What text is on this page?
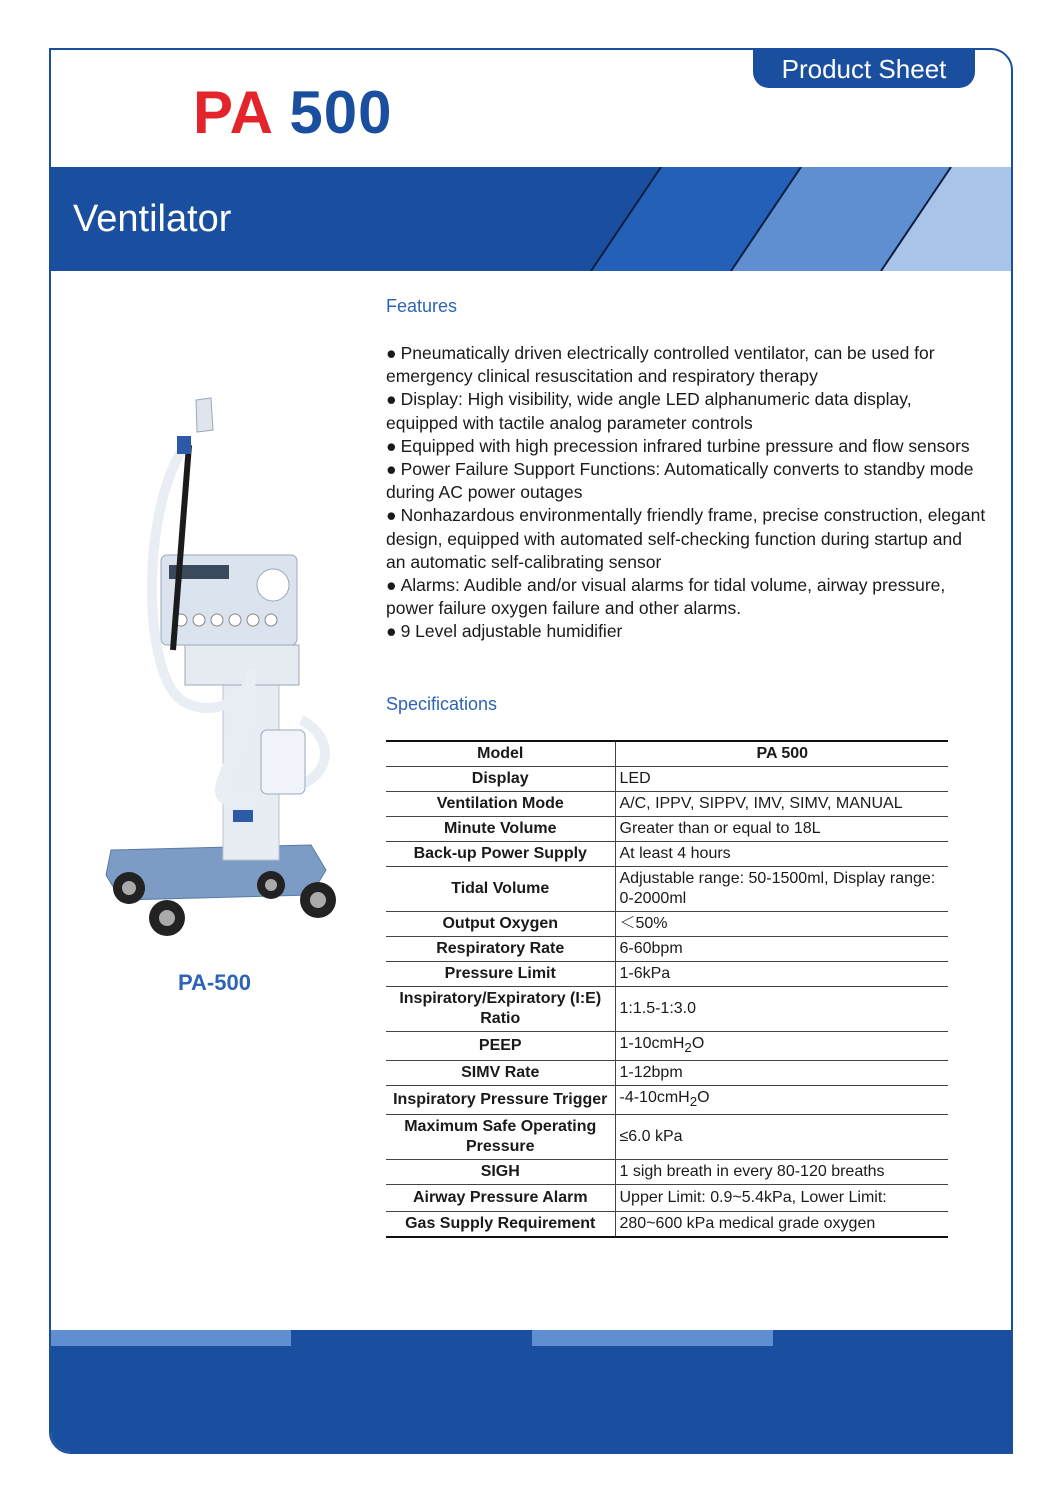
Product Sheet
PA 500
Ventilator
PA-500
Features
● Pneumatically driven electrically controlled ventilator, can be used for emergency clinical resuscitation and respiratory therapy
● Display: High visibility, wide angle LED alphanumeric data display, equipped with tactile analog parameter controls
● Equipped with high precession infrared turbine pressure and flow sensors
● Power Failure Support Functions: Automatically converts to standby mode during AC power outages
● Nonhazardous environmentally friendly frame, precise construction, elegant design, equipped with automated self-checking function during startup and an automatic self-calibrating sensor
● Alarms: Audible and/or visual alarms for tidal volume, airway pressure, power failure oxygen failure and other alarms.
● 9 Level adjustable humidifier
Specifications
Model	PA 500
Display	LED
Ventilation Mode	A/C, IPPV, SIPPV, IMV, SIMV, MANUAL
Minute Volume	Greater than or equal to 18L
Back-up Power Supply	At least 4 hours
Tidal Volume	Adjustable range: 50-1500ml, Display range: 0-2000ml
Output Oxygen	＜50%
Respiratory Rate	6-60bpm
Pressure Limit	1-6kPa
Inspiratory/Expiratory (I:E) Ratio	1:1.5-1:3.0
PEEP	1-10cmH$_2$O
SIMV Rate	1-12bpm
Inspiratory Pressure Trigger	-4-10cmH$_2$O
Maximum Safe Operating Pressure	≤6.0 kPa
SIGH	1 sigh breath in every 80-120 breaths
Airway Pressure Alarm	Upper Limit: 0.9~5.4kPa, Lower Limit:

Gas Supply Requirement	280~600 kPa medical grade oxygen
